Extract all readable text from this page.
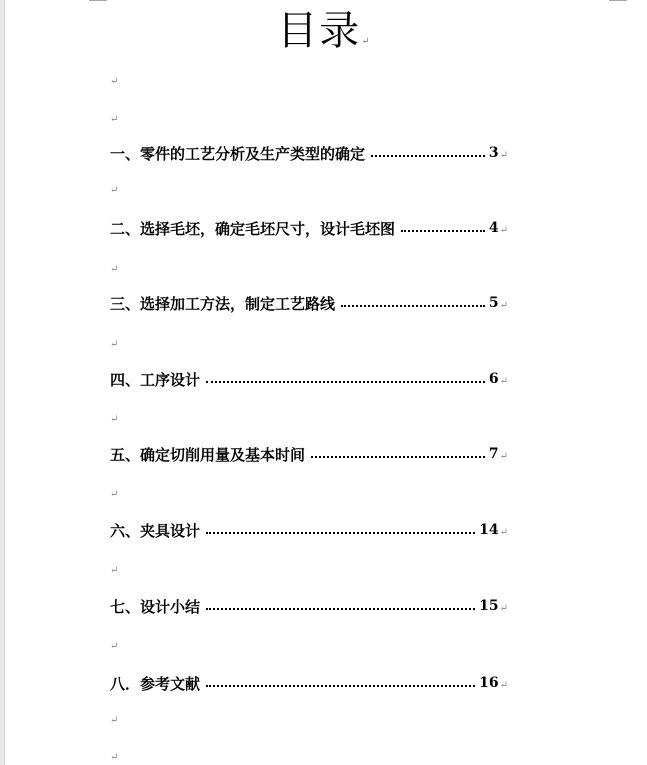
目录↵
↵
↵
一、零件的工艺分析及生产类型的确定	3 ↵
↵
二、选择毛坯，确定毛坯尺寸，设计毛坯图	4 ↵
↵
三、选择加工方法，制定工艺路线	5 ↵
↵
四、工序设计	6 ↵
↵
五、确定切削用量及基本时间	7 ↵
↵
六、夹具设计	14 ↵
↵
七、设计小结	15 ↵
↵
八．参考文献	16 ↵
↵
↵
